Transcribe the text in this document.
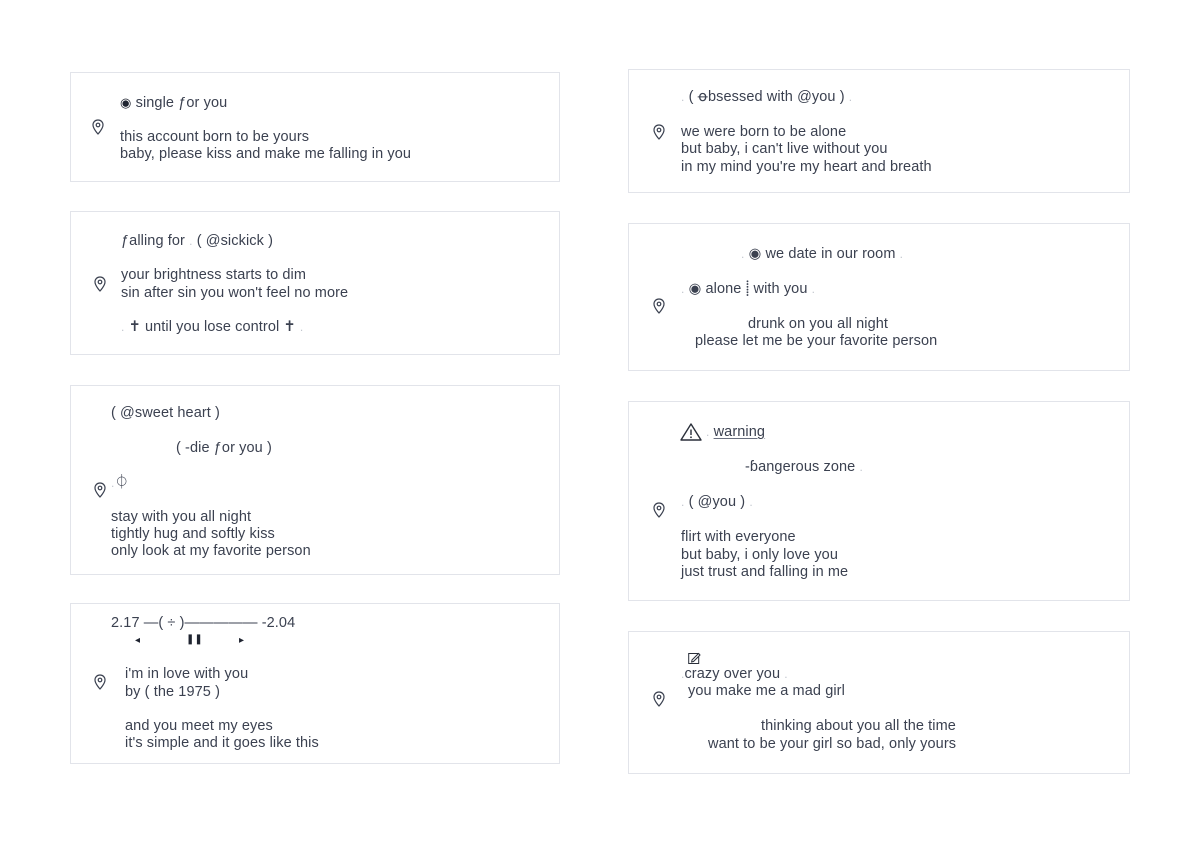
◉ single ƒor you
this account born to be yours
baby, please kiss and make me falling in you
ƒalling for . ( @sickick )
your brightness starts to dim
sin after sin you won't feel no more
. ✝ until you lose control ✝ .
( @sweet heart )
( ‑die ƒor you )
.⏀
stay with you all night
tightly hug and softly kiss
only look at my favorite person
2.17 —( ÷ )————— -2.04
◂	❚❚	▸
i'm in love with you
by ( the 1975 )
and you meet my eyes
it's simple and it goes like this
. ( ꝋbsessed with @you ) .
we were born to be alone
but baby, i can't live without you
in my mind you're my heart and breath
. ◉ we date in our room .
. ◉ alone ⸽ with you .
drunk on you all night
please let me be your favorite person
. warning
‑ɓangerous zone .
. ( @you ) .
flirt with everyone
but baby, i only love you
just trust and falling in me
.crazy over you .
you make me a mad girl
thinking about you all the time
want to be your girl so bad, only yours
